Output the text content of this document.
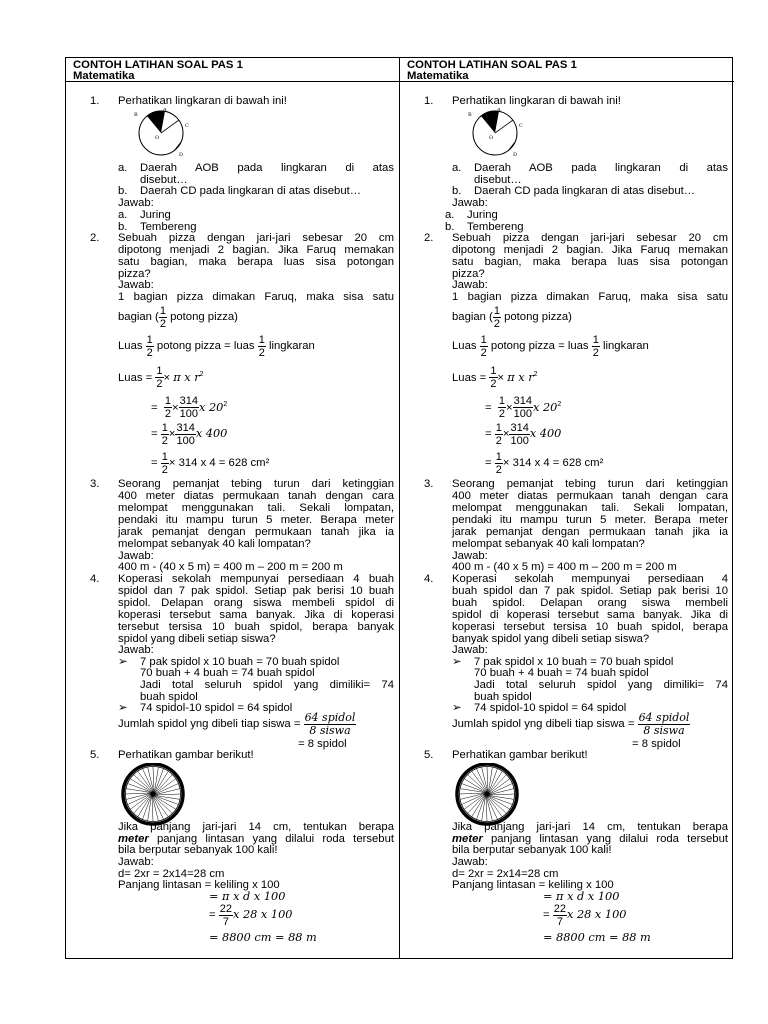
CONTOH LATIHAN SOAL PAS 1
Matematika
1. Perhatikan lingkaran di bawah ini!
A
B
C
O
D
a. Daerah AOB pada lingkaran di atas
disebut…
b. Daerah CD pada lingkaran di atas disebut…
Jawab:
a. Juring
b. Tembereng
2. Sebuah pizza dengan jari-jari sebesar 20 cm
dipotong menjadi 2 bagian. Jika Faruq memakan
satu bagian, maka berapa luas sisa potongan
pizza?
Jawab:
1 bagian pizza dimakan Faruq, maka sisa satu
bagian ( $\frac{1}{2}$ potong pizza)
Luas $\frac{1}{2}$ potong pizza = luas $\frac{1}{2}$ lingkaran
Luas = $\frac{1}{2} \times \pi$ x $r^2$
= $\frac{1}{2} \times \frac{314}{100}$ x $20^2$
= $\frac{1}{2} \times \frac{314}{100}$ x 400
= $\frac{1}{2} \times 314$ x 4 = 628 cm²
3. Seorang pemanjat tebing turun dari ketinggian
400 meter diatas permukaan tanah dengan cara
melompat menggunakan tali. Sekali lompatan,
pendaki itu mampu turun 5 meter. Berapa meter
jarak pemanjat dengan permukaan tanah jika ia
melompat sebanyak 40 kali lompatan?
Jawab:
400 m - (40 x 5 m) = 400 m – 200 m = 200 m
4. Koperasi sekolah mempunyai persediaan 4 buah
spidol dan 7 pak spidol. Setiap pak berisi 10 buah
spidol. Delapan orang siswa membeli spidol di
koperasi tersebut sama banyak. Jika di koperasi
tersebut tersisa 10 buah spidol, berapa banyak
spidol yang dibeli setiap siswa?
Jawab:
➢ 7 pak spidol x 10 buah = 70 buah spidol
70 buah + 4 buah = 74 buah spidol
Jadi total seluruh spidol yang dimiliki= 74
buah spidol
➢ 74 spidol-10 spidol = 64 spidol
Jumlah spidol yng dibeli tiap siswa = $\frac{\text{64 spidol}}{\text{8 siswa}}$
= 8 spidol
5. Perhatikan gambar berikut!
Jika panjang jari-jari 14 cm, tentukan berapa
meter panjang lintasan yang dilalui roda tersebut
bila berputar sebanyak 100 kali!
Jawab:
d= 2xr = 2x14=28 cm
Panjang lintasan = keliling x 100
= π x d x 100
= $\frac{22}{7}$ x 28 x 100
= 8800 cm = 88 m
CONTOH LATIHAN SOAL PAS 1
Matematika
1. Perhatikan lingkaran di bawah ini!
A
B
C
O
D
a. Daerah AOB pada lingkaran di atas
disebut…
b. Daerah CD pada lingkaran di atas disebut…
Jawab:
a. Juring
b. Tembereng
2. Sebuah pizza dengan jari-jari sebesar 20 cm
dipotong menjadi 2 bagian. Jika Faruq memakan
satu bagian, maka berapa luas sisa potongan
pizza?
Jawab:
1 bagian pizza dimakan Faruq, maka sisa satu
bagian ( $\frac{1}{2}$ potong pizza)
Luas $\frac{1}{2}$ potong pizza = luas $\frac{1}{2}$ lingkaran
Luas = $\frac{1}{2} \times \pi$ x $r^2$
= $\frac{1}{2} \times \frac{314}{100}$ x $20^2$
= $\frac{1}{2} \times \frac{314}{100}$ x 400
= $\frac{1}{2} \times 314$ x 4 = 628 cm²
3. Seorang pemanjat tebing turun dari ketinggian
400 meter diatas permukaan tanah dengan cara
melompat menggunakan tali. Sekali lompatan,
pendaki itu mampu turun 5 meter. Berapa meter
jarak pemanjat dengan permukaan tanah jika ia
melompat sebanyak 40 kali lompatan?
Jawab:
400 m - (40 x 5 m) = 400 m – 200 m = 200 m
4. Koperasi sekolah mempunyai persediaan 4
buah spidol dan 7 pak spidol. Setiap pak berisi 10
buah spidol. Delapan orang siswa membeli
spidol di koperasi tersebut sama banyak. Jika di
koperasi tersebut tersisa 10 buah spidol, berapa
banyak spidol yang dibeli setiap siswa?
Jawab:
➢ 7 pak spidol x 10 buah = 70 buah spidol
70 buah + 4 buah = 74 buah spidol
Jadi total seluruh spidol yang dimiliki= 74
buah spidol
➢ 74 spidol-10 spidol = 64 spidol
Jumlah spidol yng dibeli tiap siswa = $\frac{\text{64 spidol}}{\text{8 siswa}}$
= 8 spidol
5. Perhatikan gambar berikut!
Jika panjang jari-jari 14 cm, tentukan berapa
meter panjang lintasan yang dilalui roda tersebut
bila berputar sebanyak 100 kali!
Jawab:
d= 2xr = 2x14=28 cm
Panjang lintasan = keliling x 100
= π x d x 100
= $\frac{22}{7}$ x 28 x 100
= 8800 cm = 88 m
